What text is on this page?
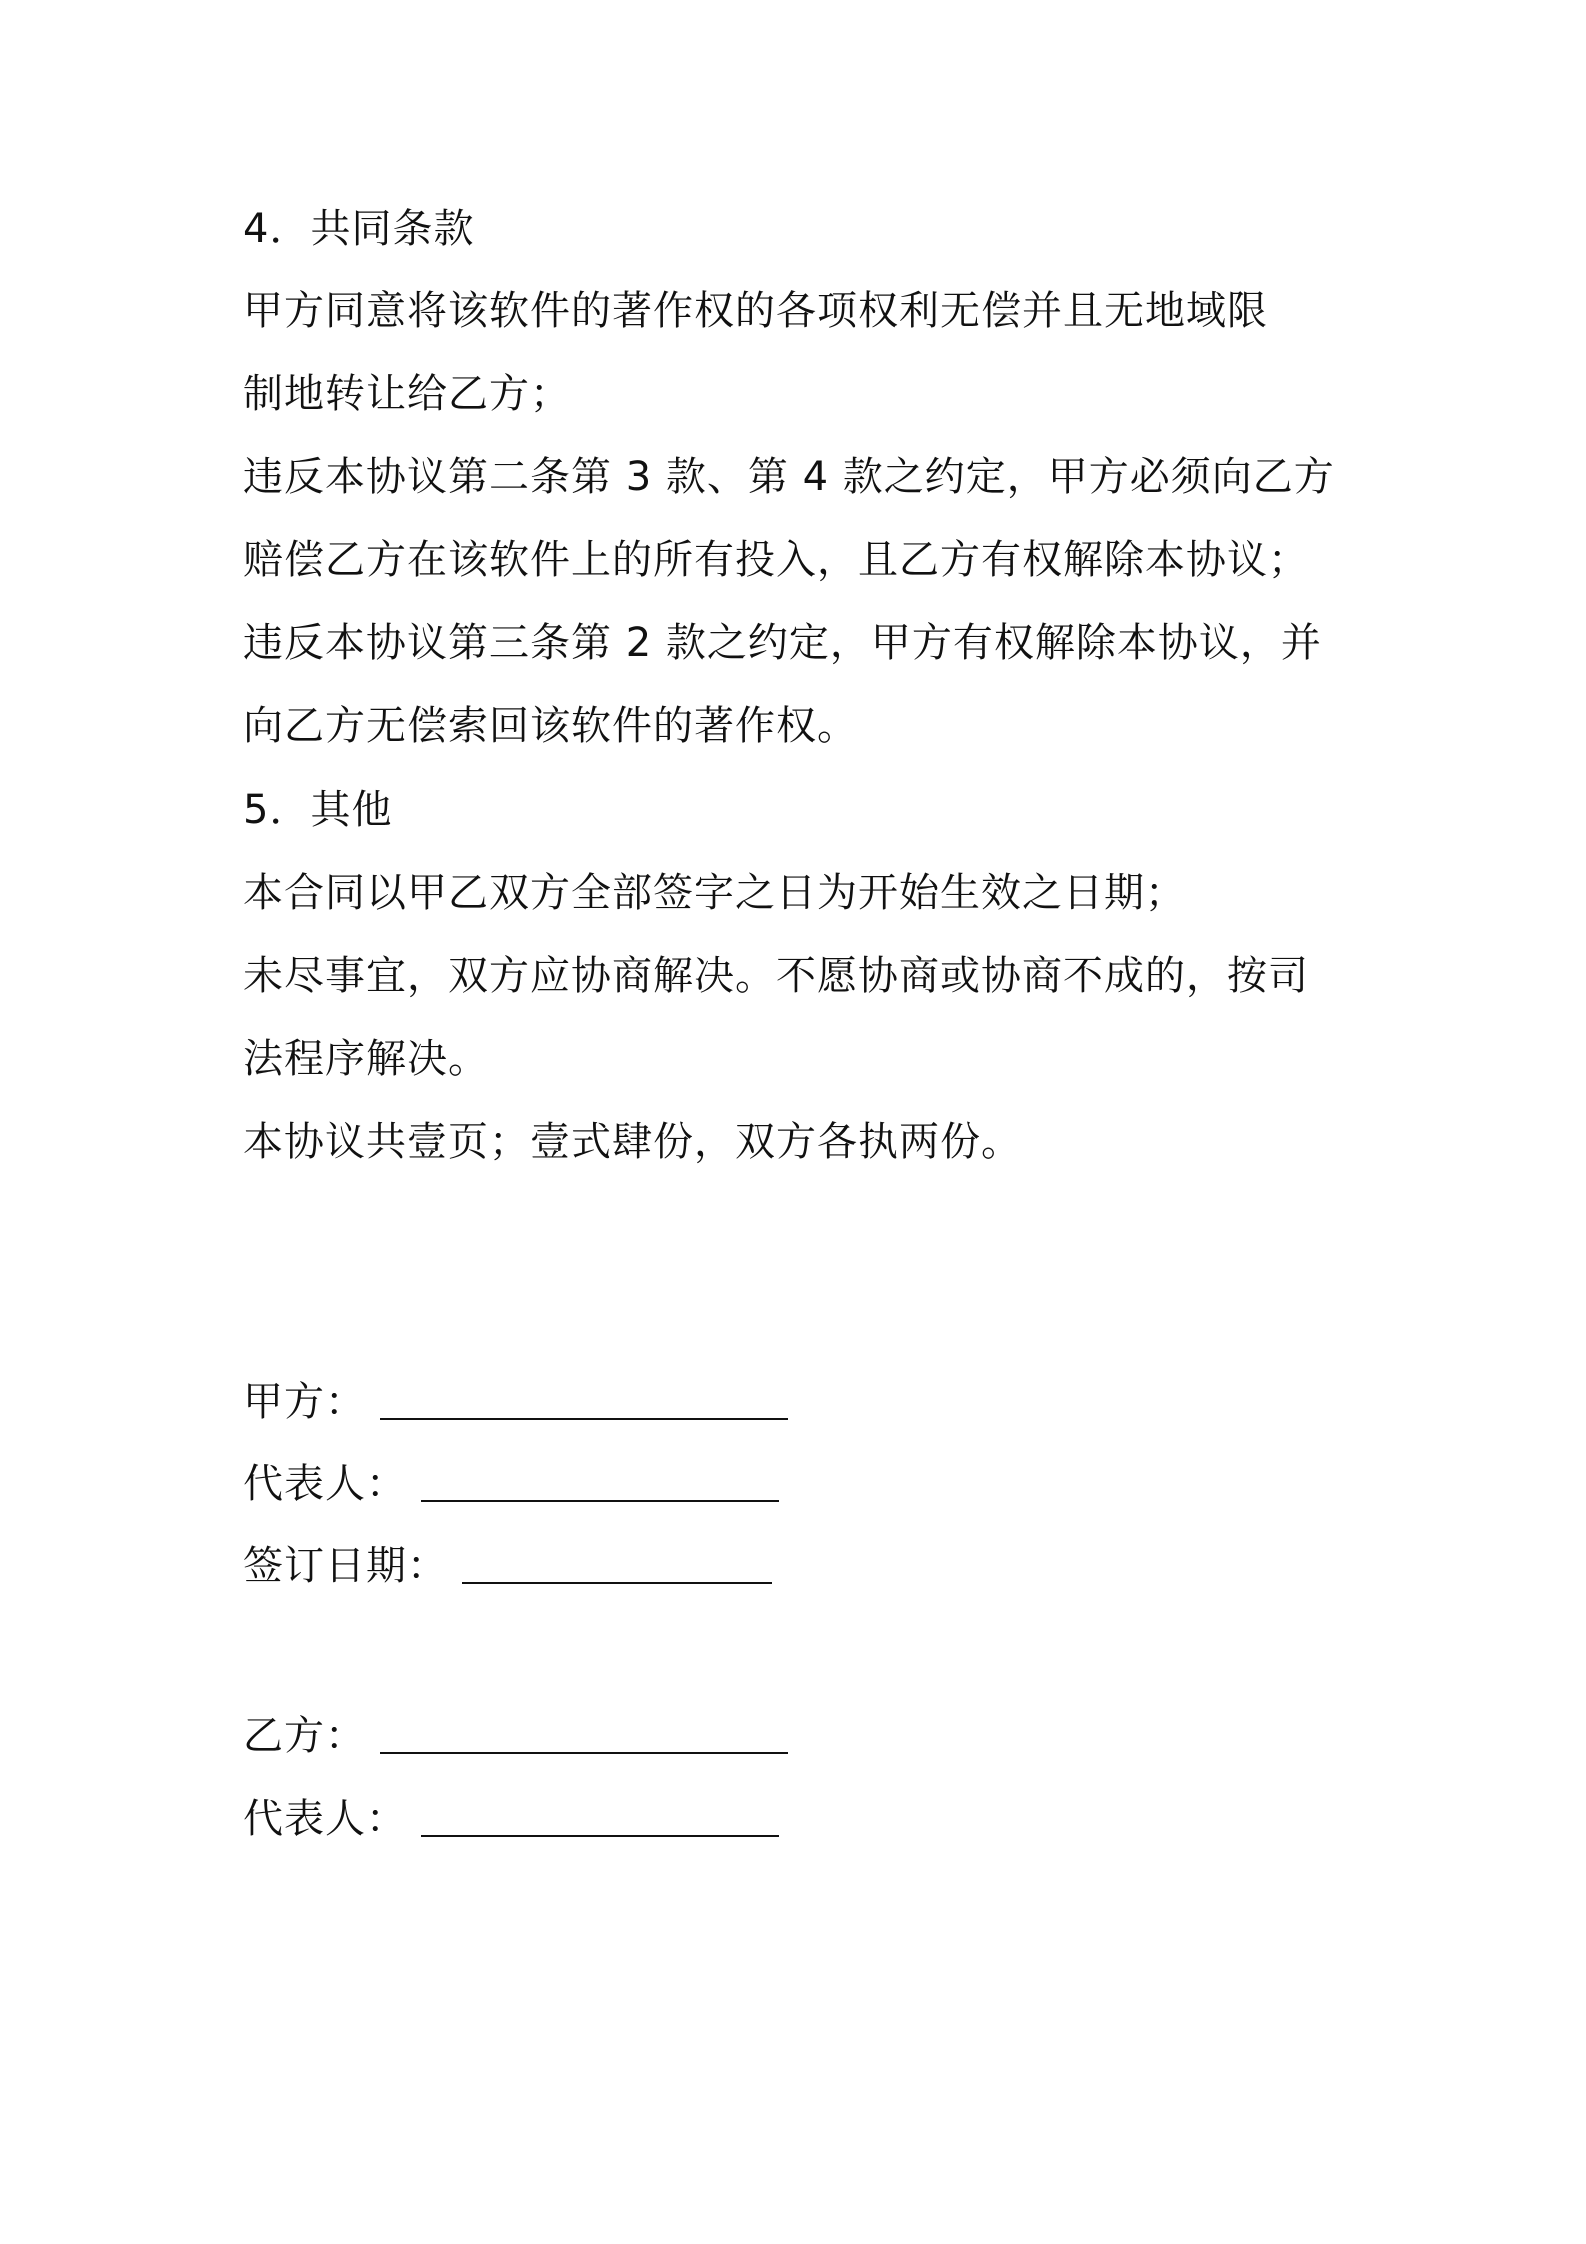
4．共同条款
甲方同意将该软件的著作权的各项权利无偿并且无地域限
制地转让给乙方；
违反本协议第二条第 3 款、第 4 款之约定，甲方必须向乙方
赔偿乙方在该软件上的所有投入，且乙方有权解除本协议；
违反本协议第三条第 2 款之约定，甲方有权解除本协议，并
向乙方无偿索回该软件的著作权。
5．其他
本合同以甲乙双方全部签字之日为开始生效之日期；
未尽事宜，双方应协商解决。不愿协商或协商不成的，按司
法程序解决。
本协议共壹页；壹式肆份，双方各执两份。
甲方：
代表人：
签订日期：
乙方：
代表人：
